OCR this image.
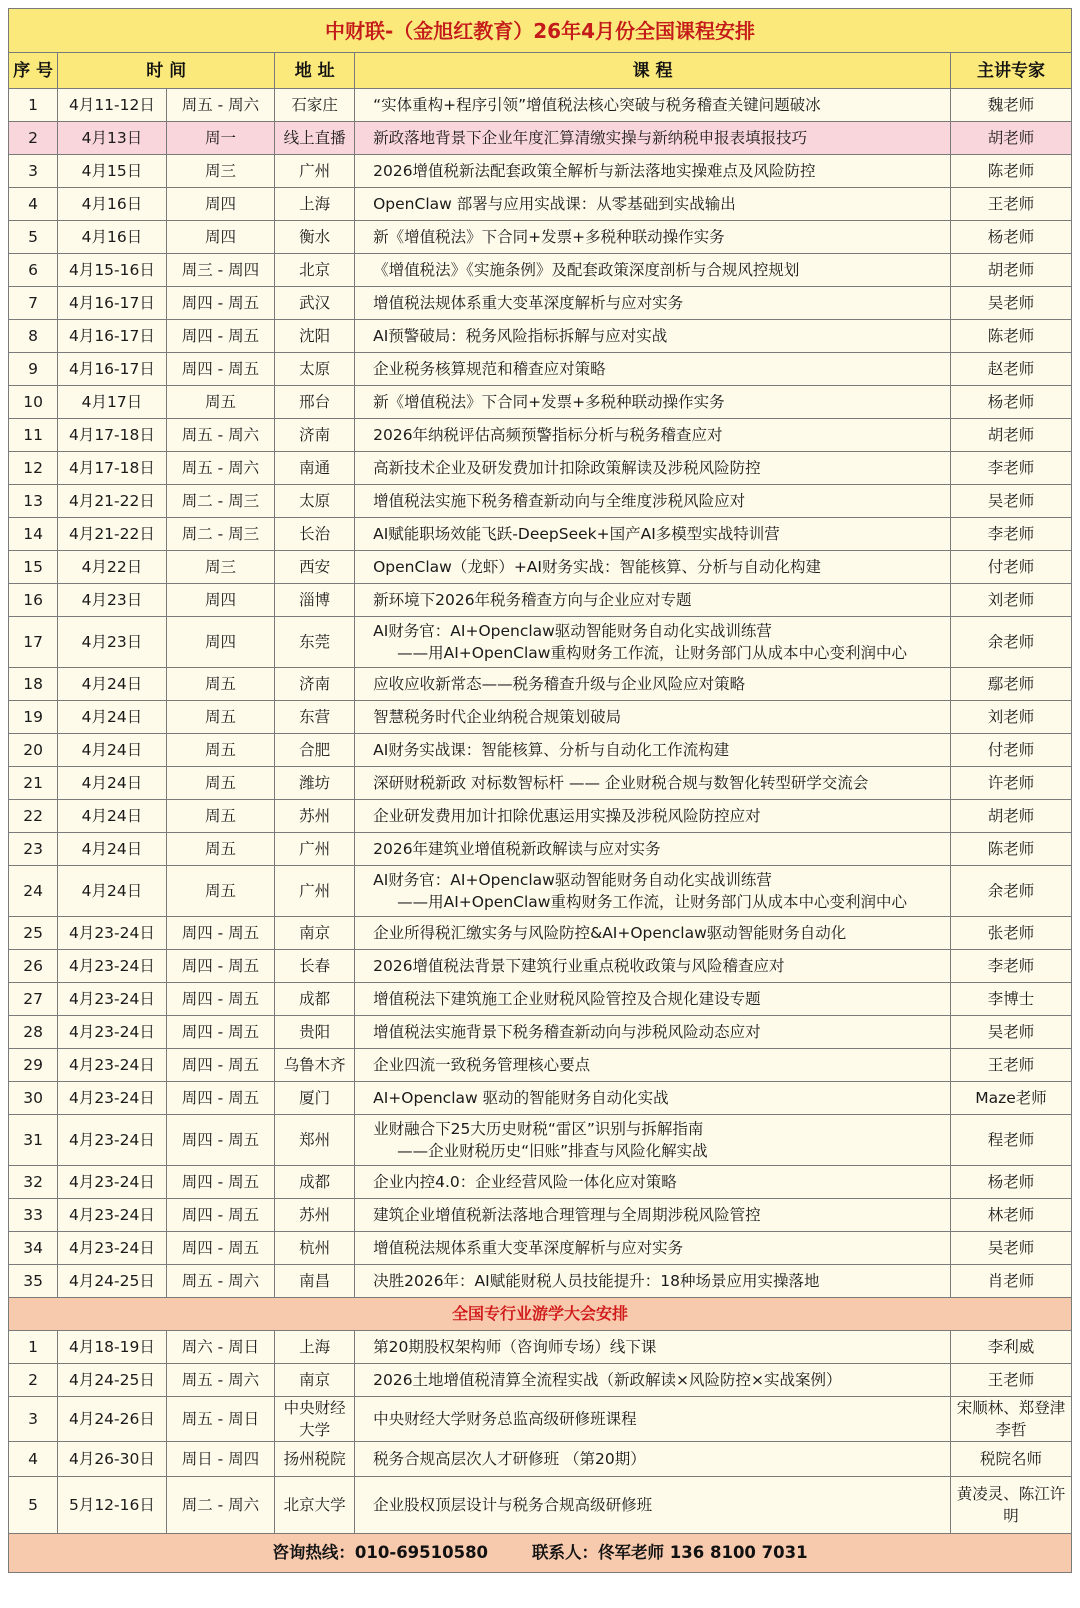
中财联-（金旭红教育）26年4月份全国课程安排					
序 号	时 间		地 址	课 程	主讲专家
1	4月11-12日	周五 - 周六	石家庄	“实体重构+程序引领”增值税法核心突破与税务稽查关键问题破冰	魏老师
2	4月13日	周一	线上直播	新政落地背景下企业年度汇算清缴实操与新纳税申报表填报技巧	胡老师
3	4月15日	周三	广州	2026增值税新法配套政策全解析与新法落地实操难点及风险防控	陈老师
4	4月16日	周四	上海	OpenClaw 部署与应用实战课：从零基础到实战输出	王老师
5	4月16日	周四	衡水	新《增值税法》下合同+发票+多税种联动操作实务	杨老师
6	4月15-16日	周三 - 周四	北京	《增值税法》《实施条例》及配套政策深度剖析与合规风控规划	胡老师
7	4月16-17日	周四 - 周五	武汉	增值税法规体系重大变革深度解析与应对实务	吴老师
8	4月16-17日	周四 - 周五	沈阳	AI预警破局：税务风险指标拆解与应对实战	陈老师
9	4月16-17日	周四 - 周五	太原	企业税务核算规范和稽查应对策略	赵老师
10	4月17日	周五	邢台	新《增值税法》下合同+发票+多税种联动操作实务	杨老师
11	4月17-18日	周五 - 周六	济南	2026年纳税评估高频预警指标分析与税务稽查应对	胡老师
12	4月17-18日	周五 - 周六	南通	高新技术企业及研发费加计扣除政策解读及涉税风险防控	李老师
13	4月21-22日	周二 - 周三	太原	增值税法实施下税务稽查新动向与全维度涉税风险应对	吴老师
14	4月21-22日	周二 - 周三	长治	AI赋能职场效能飞跃-DeepSeek+国产AI多模型实战特训营	李老师
15	4月22日	周三	西安	OpenClaw（龙虾）+AI财务实战：智能核算、分析与自动化构建	付老师
16	4月23日	周四	淄博	新环境下2026年税务稽查方向与企业应对专题	刘老师
17	4月23日	周四	东莞	AI财务官：AI+Openclaw驱动智能财务自动化实战训练营
——用AI+OpenClaw重构财务工作流，让财务部门从成本中心变利润中心	余老师
18	4月24日	周五	济南	应收应收新常态——税务稽查升级与企业风险应对策略	鄢老师
19	4月24日	周五	东营	智慧税务时代企业纳税合规策划破局	刘老师
20	4月24日	周五	合肥	AI财务实战课：智能核算、分析与自动化工作流构建	付老师
21	4月24日	周五	潍坊	深研财税新政 对标数智标杆 —— 企业财税合规与数智化转型研学交流会	许老师
22	4月24日	周五	苏州	企业研发费用加计扣除优惠运用实操及涉税风险防控应对	胡老师
23	4月24日	周五	广州	2026年建筑业增值税新政解读与应对实务	陈老师
24	4月24日	周五	广州	AI财务官：AI+Openclaw驱动智能财务自动化实战训练营
——用AI+OpenClaw重构财务工作流，让财务部门从成本中心变利润中心	余老师
25	4月23-24日	周四 - 周五	南京	企业所得税汇缴实务与风险防控&AI+Openclaw驱动智能财务自动化	张老师
26	4月23-24日	周四 - 周五	长春	2026增值税法背景下建筑行业重点税收政策与风险稽查应对	李老师
27	4月23-24日	周四 - 周五	成都	增值税法下建筑施工企业财税风险管控及合规化建设专题	李博士
28	4月23-24日	周四 - 周五	贵阳	增值税法实施背景下税务稽查新动向与涉税风险动态应对	吴老师
29	4月23-24日	周四 - 周五	乌鲁木齐	企业四流一致税务管理核心要点	王老师
30	4月23-24日	周四 - 周五	厦门	AI+Openclaw 驱动的智能财务自动化实战	Maze老师
31	4月23-24日	周四 - 周五	郑州	业财融合下25大历史财税“雷区”识别与拆解指南
——企业财税历史“旧账”排查与风险化解实战	程老师
32	4月23-24日	周四 - 周五	成都	企业内控4.0：企业经营风险一体化应对策略	杨老师
33	4月23-24日	周四 - 周五	苏州	建筑企业增值税新法落地合理管理与全周期涉税风险管控	林老师
34	4月23-24日	周四 - 周五	杭州	增值税法规体系重大变革深度解析与应对实务	吴老师
35	4月24-25日	周五 - 周六	南昌	决胜2026年：AI赋能财税人员技能提升：18种场景应用实操落地	肖老师
全国专行业游学大会安排					
1	4月18-19日	周六 - 周日	上海	第20期股权架构师（咨询师专场）线下课	李利威
2	4月24-25日	周五 - 周六	南京	2026土地增值税清算全流程实战（新政解读×风险防控×实战案例）	王老师
3	4月24-26日	周五 - 周日	中央财经大学	中央财经大学财务总监高级研修班课程	宋顺林、郑登津李哲
4	4月26-30日	周日 - 周四	扬州税院	税务合规高层次人才研修班 （第20期）	税院名师
5	5月12-16日	周二 - 周六	北京大学	企业股权顶层设计与税务合规高级研修班	黄凌灵、陈江许明
咨询热线：010-69510580 联系人：佟军老师 136 8100 7031					
